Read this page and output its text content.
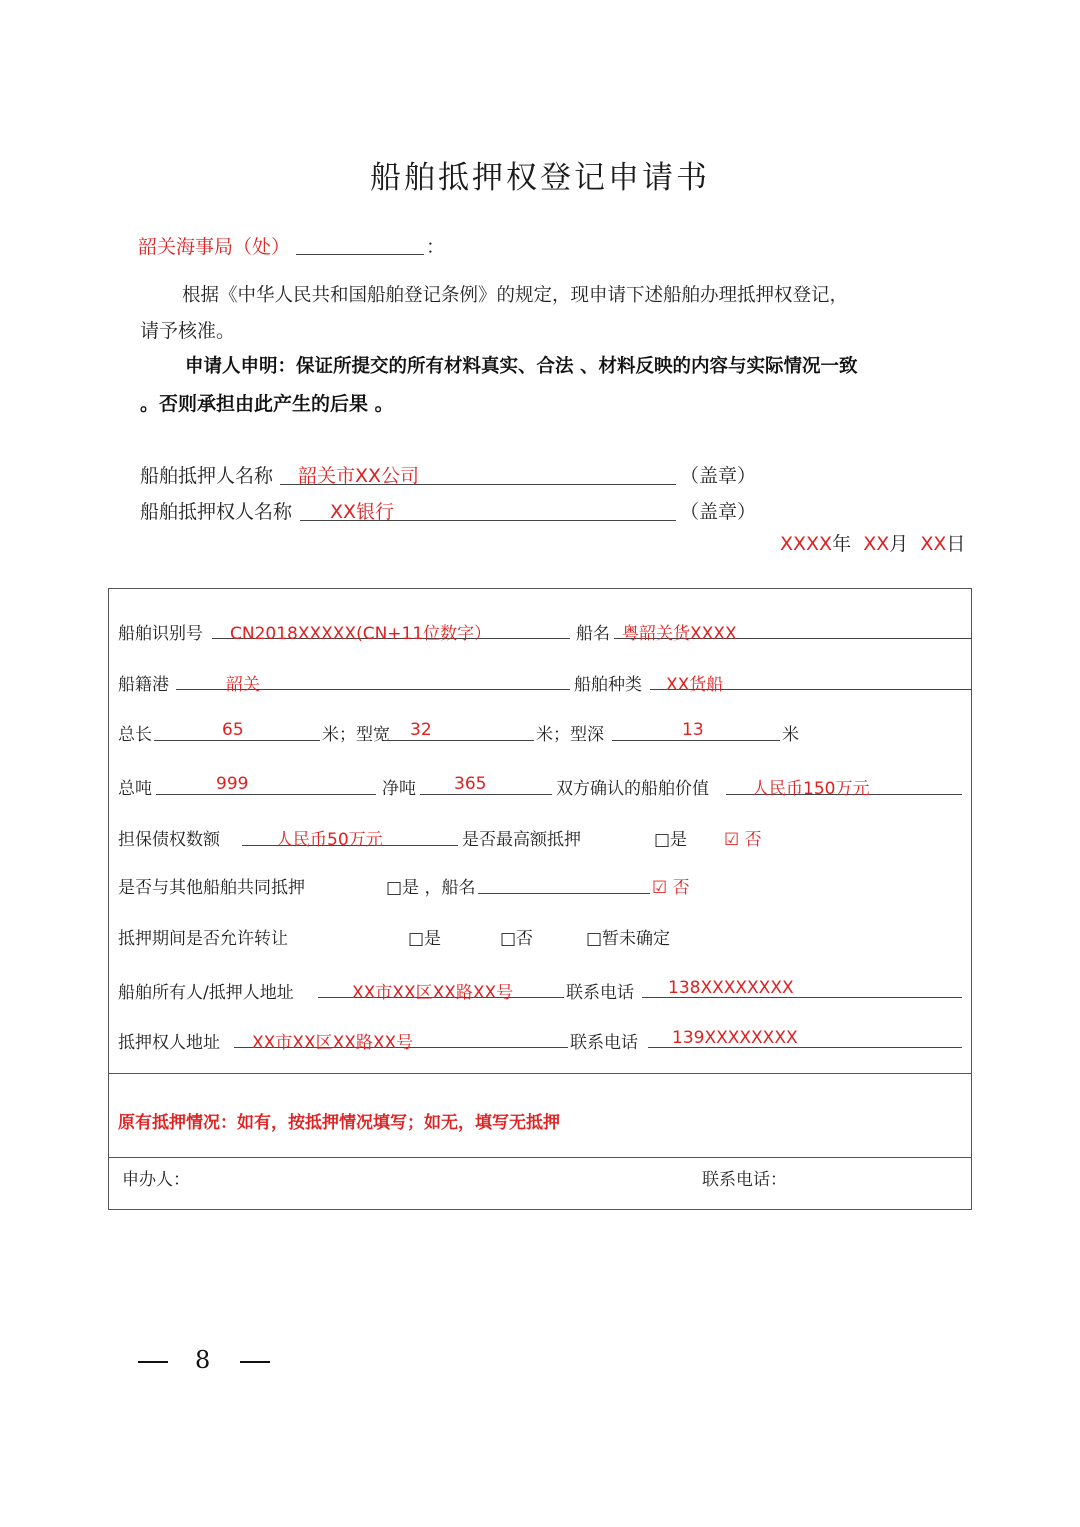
船舶抵押权登记申请书
韶关海事局（处）	：
根据《中华人民共和国船舶登记条例》的规定，现申请下述船舶办理抵押权登记，
请予核准。
申请人申明：保证所提交的所有材料真实、合法 、材料反映的内容与实际情况一致
。否则承担由此产生的后果 。
船舶抵押人名称 韶关市XX公司	（盖章）
船舶抵押权人名称 XX银行	（盖章）
XXXX年 XX月 XX日
船舶识别号 CN2018XXXXX(CN+11位数字）	船名 粤韶关货XXXX
船籍港	韶关	船舶种类 XX货船
总长	65	米；型宽 32	米；型深	13	米
总吨	999	净吨 365	双方确认的船舶价值	人民币150万元
担保债权数额	人民币50万元	是否最高额抵押	□是 ☑ 否
是否与其他船舶共同抵押	□是 ，船名	☑ 否
抵押期间是否允许转让	□是	□否	□暂未确定
船舶所有人/抵押人地址	XX市XX区XX路XX号	联系电话 138XXXXXXXX
抵押权人地址 XX市XX区XX路XX号	联系电话 139XXXXXXXX
原有抵押情况：如有，按抵押情况填写；如无，填写无抵押
申办人：	联系电话：
8
